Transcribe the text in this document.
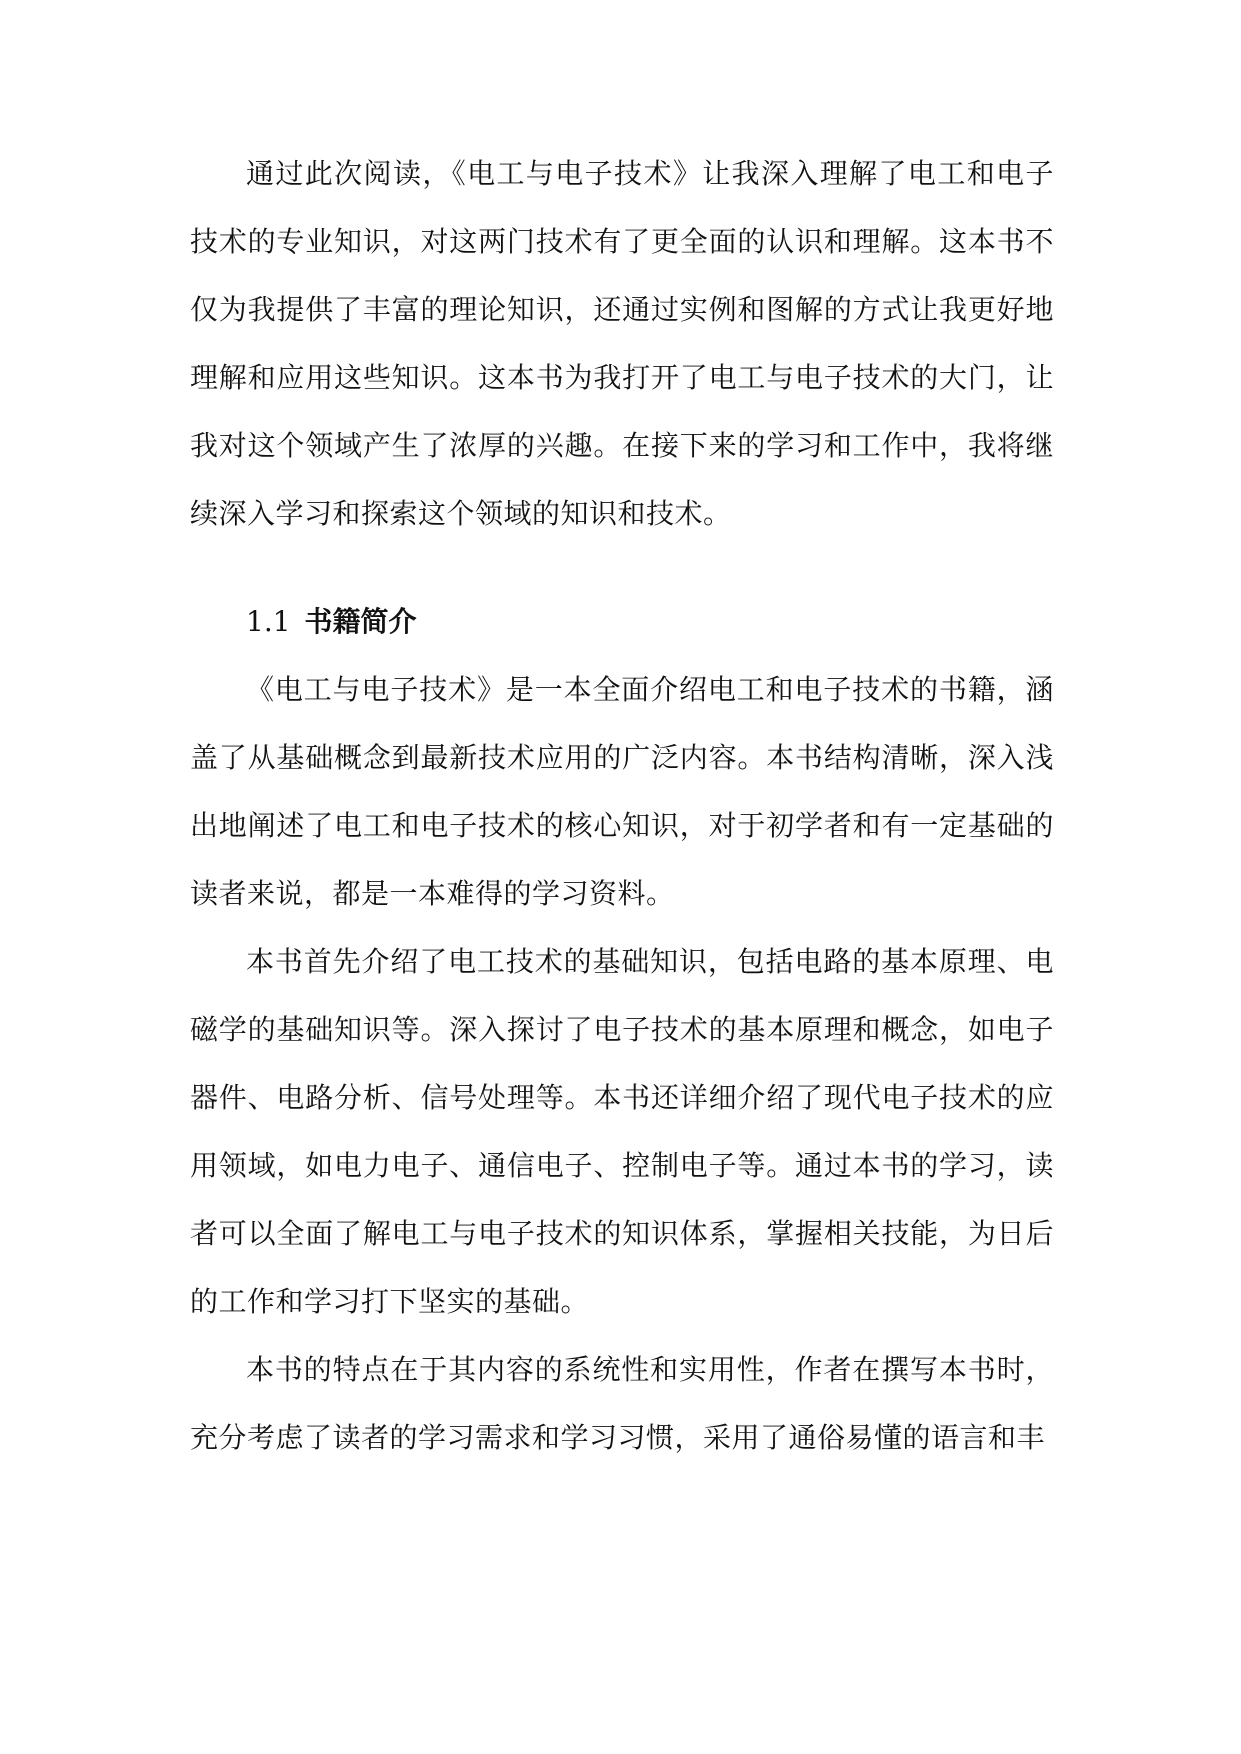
通过此次阅读，《电工与电子技术》让我深入理解了电工和电子技术的专业知识，对这两门技术有了更全面的认识和理解。这本书不仅为我提供了丰富的理论知识，还通过实例和图解的方式让我更好地理解和应用这些知识。这本书为我打开了电工与电子技术的大门，让我对这个领域产生了浓厚的兴趣。在接下来的学习和工作中，我将继续深入学习和探索这个领域的知识和技术。

1.1 书籍简介

《电工与电子技术》是一本全面介绍电工和电子技术的书籍，涵盖了从基础概念到最新技术应用的广泛内容。本书结构清晰，深入浅出地阐述了电工和电子技术的核心知识，对于初学者和有一定基础的读者来说，都是一本难得的学习资料。

本书首先介绍了电工技术的基础知识，包括电路的基本原理、电磁学的基础知识等。深入探讨了电子技术的基本原理和概念，如电子器件、电路分析、信号处理等。本书还详细介绍了现代电子技术的应用领域，如电力电子、通信电子、控制电子等。通过本书的学习，读者可以全面了解电工与电子技术的知识体系，掌握相关技能，为日后的工作和学习打下坚实的基础。

本书的特点在于其内容的系统性和实用性，作者在撰写本书时，充分考虑了读者的学习需求和学习习惯，采用了通俗易懂的语言和丰
